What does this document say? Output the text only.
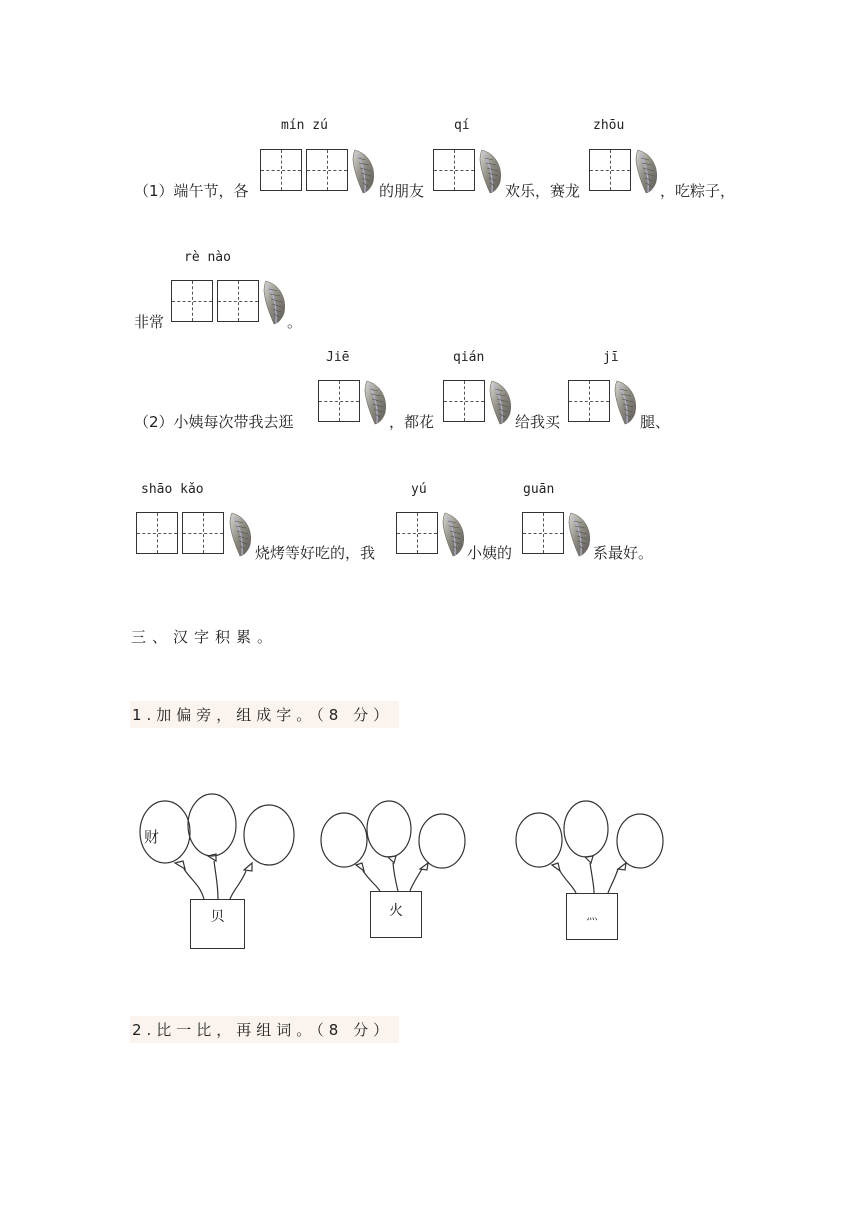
mín zú	qí	zhōu
（1）端午节，各	的朋友	欢乐，赛龙	，吃粽子，
rè nào
非常	。
Jiē	qián	jī
（2）小姨每次带我去逛	，都花	给我买	腿、
shāo kǎo	yú	guān
烧烤等好吃的，我	小姨的	系最好。
三、汉字积累。
1.加偏旁，组成字。（8 分）
财
贝	火	灬
2.比一比，再组词。（8 分）
